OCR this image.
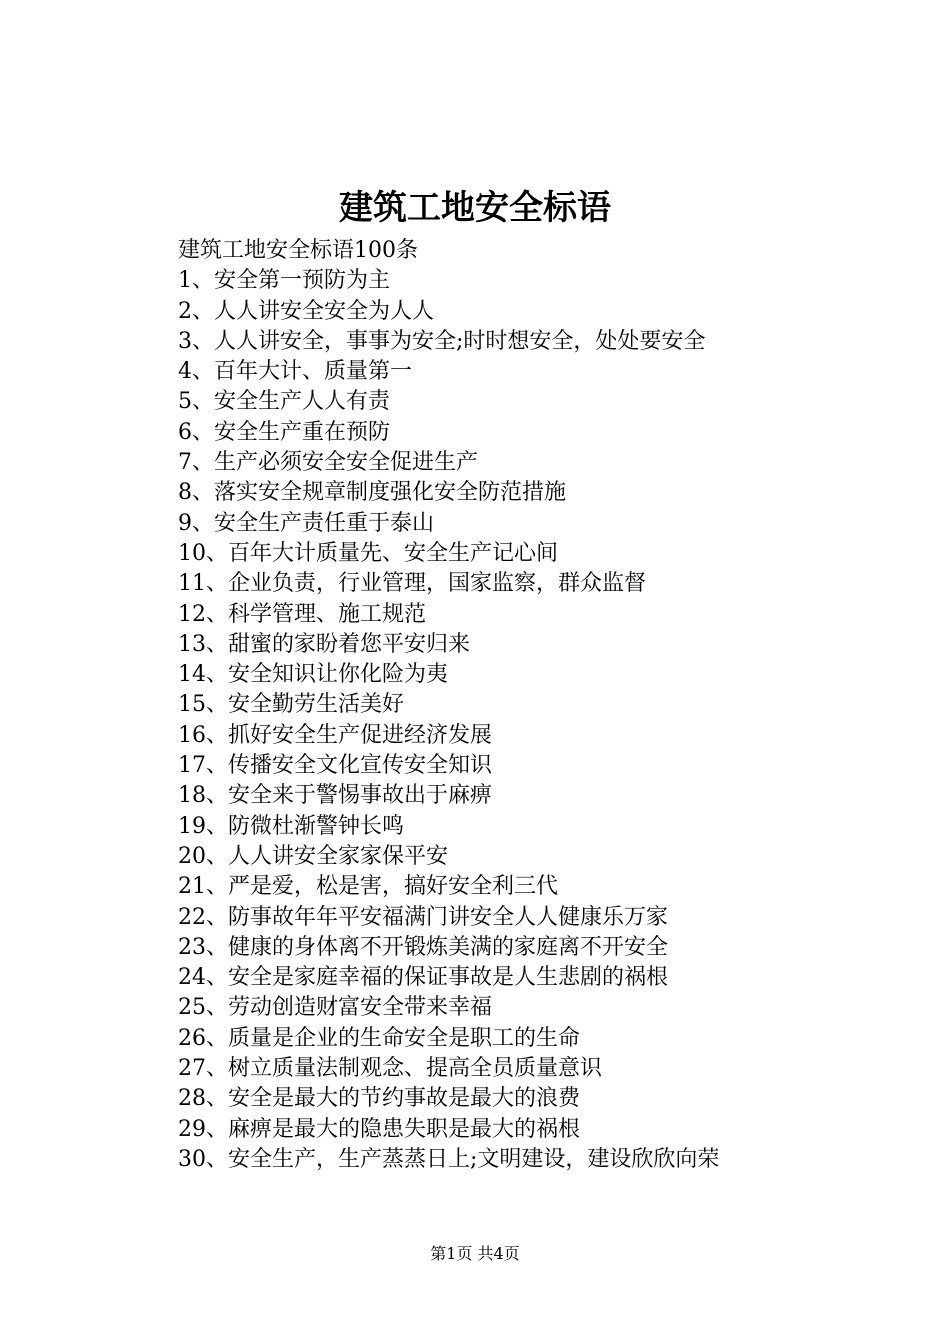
建筑工地安全标语

建筑工地安全标语100条

1、安全第一预防为主
2、人人讲安全安全为人人
3、人人讲安全，事事为安全;时时想安全，处处要安全
4、百年大计、质量第一
5、安全生产人人有责
6、安全生产重在预防
7、生产必须安全安全促进生产
8、落实安全规章制度强化安全防范措施
9、安全生产责任重于泰山
10、百年大计质量先、安全生产记心间
11、企业负责，行业管理，国家监察，群众监督
12、科学管理、施工规范
13、甜蜜的家盼着您平安归来
14、安全知识让你化险为夷
15、安全勤劳生活美好
16、抓好安全生产促进经济发展
17、传播安全文化宣传安全知识
18、安全来于警惕事故出于麻痹
19、防微杜渐警钟长鸣
20、人人讲安全家家保平安
21、严是爱，松是害，搞好安全利三代
22、防事故年年平安福满门讲安全人人健康乐万家
23、健康的身体离不开锻炼美满的家庭离不开安全
24、安全是家庭幸福的保证事故是人生悲剧的祸根
25、劳动创造财富安全带来幸福
26、质量是企业的生命安全是职工的生命
27、树立质量法制观念、提高全员质量意识
28、安全是最大的节约事故是最大的浪费
29、麻痹是最大的隐患失职是最大的祸根
30、安全生产，生产蒸蒸日上;文明建设，建设欣欣向荣
第1页 共4页
